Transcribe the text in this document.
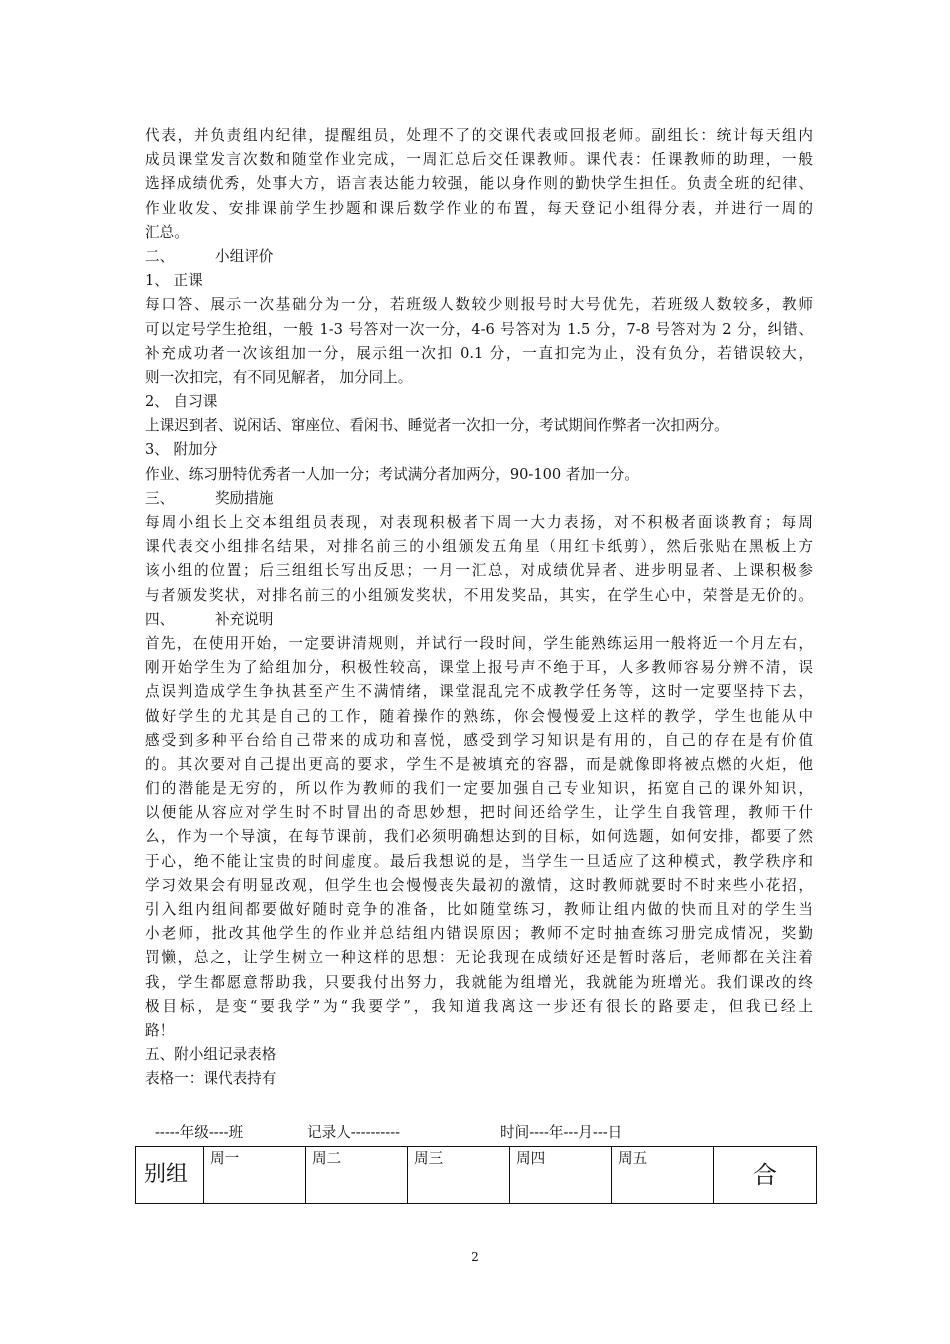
代表，并负责组内纪律，提醒组员，处理不了的交课代表或回报老师。副组长：统计每天组内
成员课堂发言次数和随堂作业完成，一周汇总后交任课教师。课代表：任课教师的助理，一般
选择成绩优秀，处事大方，语言表达能力较强，能以身作则的勤快学生担任。负责全班的纪律、
作业收发、安排课前学生抄题和课后数学作业的布置，每天登记小组得分表，并进行一周的
汇总。
二、	小组评价
1、 正课
每口答、展示一次基础分为一分，若班级人数较少则报号时大号优先，若班级人数较多，教师
可以定号学生抢组，一般 1-3 号答对一次一分，4-6 号答对为 1.5 分，7-8 号答对为 2 分，纠错、
补充成功者一次该组加一分，展示组一次扣 0.1 分，一直扣完为止，没有负分，若错误较大，
则一次扣完，有不同见解者， 加分同上。
2、 自习课
上课迟到者、说闲话、窜座位、看闲书、睡觉者一次扣一分，考试期间作弊者一次扣两分。
3、 附加分
作业、练习册特优秀者一人加一分；考试满分者加两分，90-100 者加一分。
三、	奖励措施
每周小组长上交本组组员表现，对表现积极者下周一大力表扬，对不积极者面谈教育；每周
课代表交小组排名结果，对排名前三的小组颁发五角星（用红卡纸剪），然后张贴在黑板上方
该小组的位置；后三组组长写出反思；一月一汇总，对成绩优异者、进步明显者、上课积极参
与者颁发奖状，对排名前三的小组颁发奖状，不用发奖品，其实，在学生心中，荣誉是无价的。
四、	补充说明
首先，在使用开始，一定要讲清规则，并试行一段时间，学生能熟练运用一般将近一个月左右，
刚开始学生为了給组加分，积极性较高，课堂上报号声不绝于耳，人多教师容易分辨不清，误
点误判造成学生争执甚至产生不满情绪，课堂混乱完不成教学任务等，这时一定要坚持下去，
做好学生的尤其是自己的工作，随着操作的熟练，你会慢慢爱上这样的教学，学生也能从中
感受到多种平台给自己带来的成功和喜悦，感受到学习知识是有用的，自己的存在是有价值
的。其次要对自己提出更高的要求，学生不是被填充的容器，而是就像即将被点燃的火炬，他
们的潜能是无穷的，所以作为教师的我们一定要加强自己专业知识，拓宽自己的课外知识，
以便能从容应对学生时不时冒出的奇思妙想，把时间还给学生，让学生自我管理，教师干什
么，作为一个导演，在每节课前，我们必须明确想达到的目标，如何选题，如何安排，都要了然
于心，绝不能让宝贵的时间虚度。最后我想说的是，当学生一旦适应了这种模式，教学秩序和
学习效果会有明显改观，但学生也会慢慢丧失最初的激情，这时教师就要时不时来些小花招，
引入组内组间都要做好随时竞争的准备，比如随堂练习，教师让组内做的快而且对的学生当
小老师，批改其他学生的作业并总结组内错误原因；教师不定时抽查练习册完成情况，奖勤
罚懒，总之，让学生树立一种这样的思想：无论我现在成绩好还是暂时落后，老师都在关注着
我，学生都愿意帮助我，只要我付出努力，我就能为组增光，我就能为班增光。我们课改的终
极目标，是变“要我学”为“我要学”，我知道我离这一步还有很长的路要走，但我已经上
路！
五、附小组记录表格
表格一：课代表持有
-----年级----班	记录人----------	时间----年---月---日
别组	周一	周二	周三	周四	周五	合
2
